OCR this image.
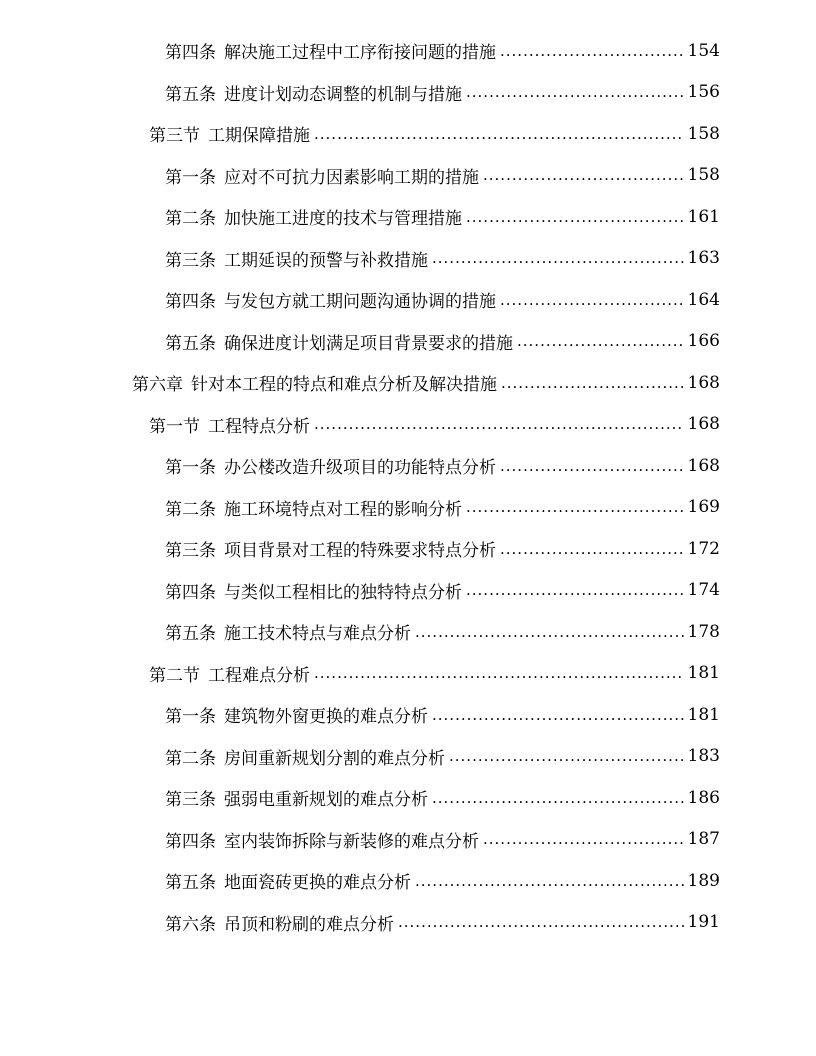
第四条 解决施工过程中工序衔接问题的措施 .....	154
第五条 进度计划动态调整的机制与措施 .....	156
第三节 工期保障措施 .....	158
第一条 应对不可抗力因素影响工期的措施 .....	158
第二条 加快施工进度的技术与管理措施 .....	161
第三条 工期延误的预警与补救措施 .....	163
第四条 与发包方就工期问题沟通协调的措施 .....	164
第五条 确保进度计划满足项目背景要求的措施 .....	166
第六章 针对本工程的特点和难点分析及解决措施 .....	168
第一节 工程特点分析 .....	168
第一条 办公楼改造升级项目的功能特点分析 .....	168
第二条 施工环境特点对工程的影响分析 .....	169
第三条 项目背景对工程的特殊要求特点分析 .....	172
第四条 与类似工程相比的独特特点分析 .....	174
第五条 施工技术特点与难点分析 .....	178
第二节 工程难点分析 .....	181
第一条 建筑物外窗更换的难点分析 .....	181
第二条 房间重新规划分割的难点分析 .....	183
第三条 强弱电重新规划的难点分析 .....	186
第四条 室内装饰拆除与新装修的难点分析 .....	187
第五条 地面瓷砖更换的难点分析 .....	189
第六条 吊顶和粉刷的难点分析 .....	191
